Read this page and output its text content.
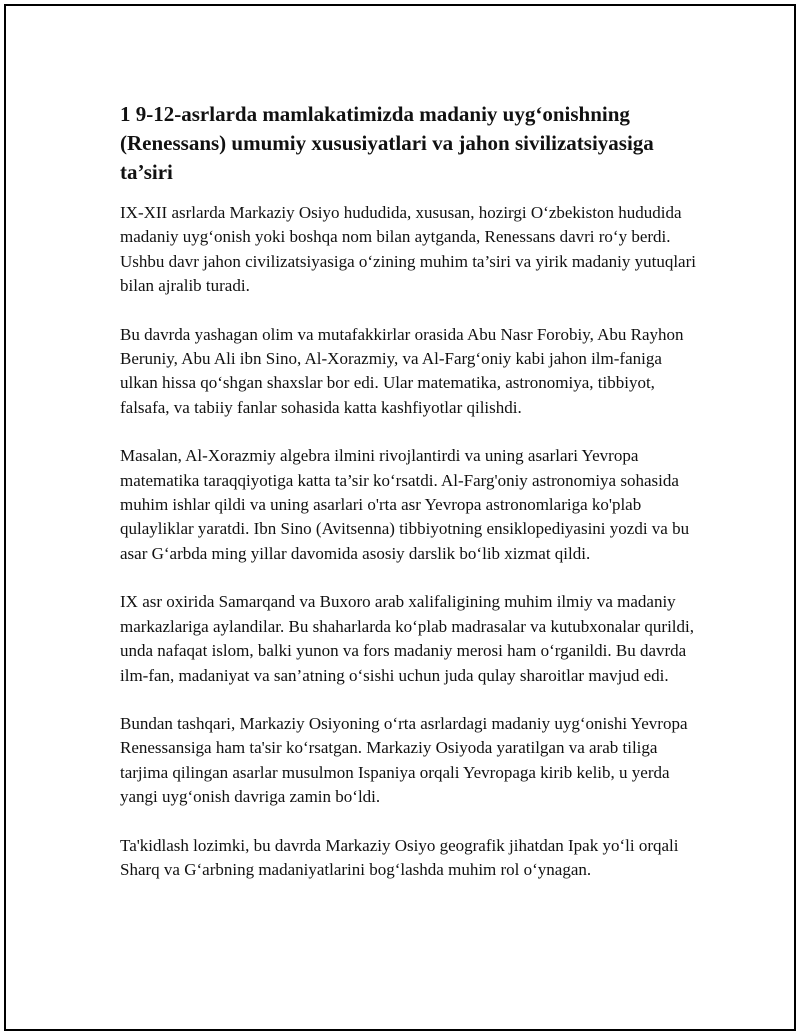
1 9-12-asrlarda mamlakatimizda madaniy uyg‘onishning (Renessans) umumiy xususiyatlari va jahon sivilizatsiyasiga ta’siri

IX-XII asrlarda Markaziy Osiyo hududida, xususan, hozirgi O‘zbekiston hududida madaniy uyg‘onish yoki boshqa nom bilan aytganda, Renessans davri ro‘y berdi. Ushbu davr jahon civilizatsiyasiga o‘zining muhim ta’siri va yirik madaniy yutuqlari bilan ajralib turadi.

Bu davrda yashagan olim va mutafakkirlar orasida Abu Nasr Forobiy, Abu Rayhon Beruniy, Abu Ali ibn Sino, Al-Xorazmiy, va Al-Farg‘oniy kabi jahon ilm-faniga ulkan hissa qo‘shgan shaxslar bor edi. Ular matematika, astronomiya, tibbiyot, falsafa, va tabiiy fanlar sohasida katta kashfiyotlar qilishdi.

Masalan, Al-Xorazmiy algebra ilmini rivojlantirdi va uning asarlari Yevropa matematika taraqqiyotiga katta ta’sir ko‘rsatdi. Al-Farg'oniy astronomiya sohasida muhim ishlar qildi va uning asarlari o'rta asr Yevropa astronomlariga ko'plab qulayliklar yaratdi. Ibn Sino (Avitsenna) tibbiyotning ensiklopediyasini yozdi va bu asar G‘arbda ming yillar davomida asosiy darslik bo‘lib xizmat qildi.

IX asr oxirida Samarqand va Buxoro arab xalifaligining muhim ilmiy va madaniy markazlariga aylandilar. Bu shaharlarda ko‘plab madrasalar va kutubxonalar qurildi, unda nafaqat islom, balki yunon va fors madaniy merosi ham o‘rganildi. Bu davrda ilm-fan, madaniyat va san’atning o‘sishi uchun juda qulay sharoitlar mavjud edi.

Bundan tashqari, Markaziy Osiyoning o‘rta asrlardagi madaniy uyg‘onishi Yevropa Renessansiga ham ta'sir ko‘rsatgan. Markaziy Osiyoda yaratilgan va arab tiliga tarjima qilingan asarlar musulmon Ispaniya orqali Yevropaga kirib kelib, u yerda yangi uyg‘onish davriga zamin bo‘ldi.

Ta'kidlash lozimki, bu davrda Markaziy Osiyo geografik jihatdan Ipak yo‘li orqali Sharq va G‘arbning madaniyatlarini bog‘lashda muhim rol o‘ynagan.
